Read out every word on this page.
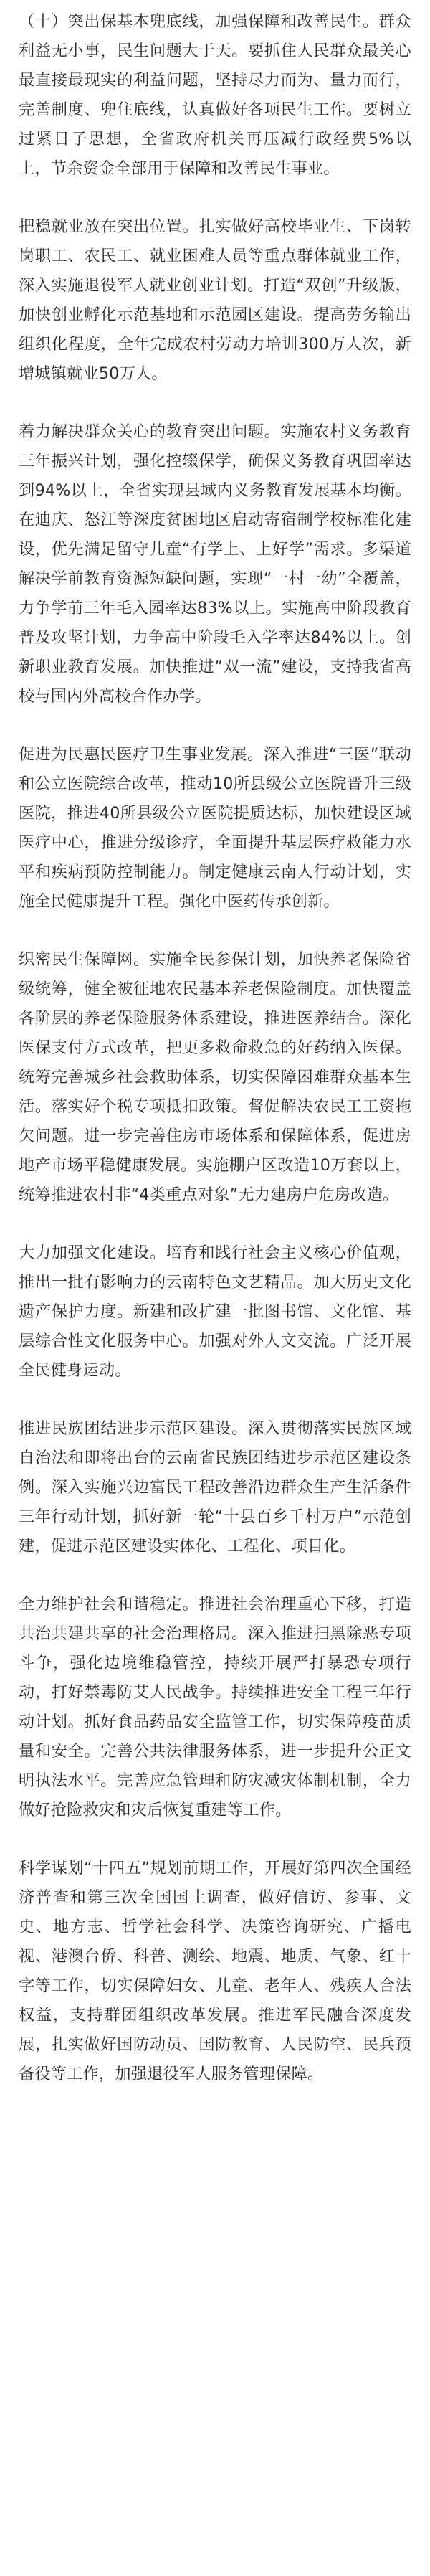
（十）突出保基本兜底线，加强保障和改善民生。群众利益无小事，民生问题大于天。要抓住人民群众最关心最直接最现实的利益问题，坚持尽力而为、量力而行，完善制度、兜住底线，认真做好各项民生工作。要树立过紧日子思想，全省政府机关再压减行政经费5%以上，节余资金全部用于保障和改善民生事业。

把稳就业放在突出位置。扎实做好高校毕业生、下岗转岗职工、农民工、就业困难人员等重点群体就业工作，深入实施退役军人就业创业计划。打造“双创”升级版，加快创业孵化示范基地和示范园区建设。提高劳务输出组织化程度，全年完成农村劳动力培训300万人次，新增城镇就业50万人。

着力解决群众关心的教育突出问题。实施农村义务教育三年振兴计划，强化控辍保学，确保义务教育巩固率达到94%以上，全省实现县域内义务教育发展基本均衡。在迪庆、怒江等深度贫困地区启动寄宿制学校标准化建设，优先满足留守儿童“有学上、上好学”需求。多渠道解决学前教育资源短缺问题，实现“一村一幼”全覆盖，力争学前三年毛入园率达83%以上。实施高中阶段教育普及攻坚计划，力争高中阶段毛入学率达84%以上。创新职业教育发展。加快推进“双一流”建设，支持我省高校与国内外高校合作办学。

促进为民惠民医疗卫生事业发展。深入推进“三医”联动和公立医院综合改革，推动10所县级公立医院晋升三级医院，推进40所县级公立医院提质达标，加快建设区域医疗中心，推进分级诊疗，全面提升基层医疗救能力水平和疾病预防控制能力。制定健康云南人行动计划，实施全民健康提升工程。强化中医药传承创新。

织密民生保障网。实施全民参保计划，加快养老保险省级统筹，健全被征地农民基本养老保险制度。加快覆盖各阶层的养老保险服务体系建设，推进医养结合。深化医保支付方式改革，把更多救命救急的好药纳入医保。统筹完善城乡社会救助体系，切实保障困难群众基本生活。落实好个税专项抵扣政策。督促解决农民工工资拖欠问题。进一步完善住房市场体系和保障体系，促进房地产市场平稳健康发展。实施棚户区改造10万套以上，统筹推进农村非“4类重点对象”无力建房户危房改造。

大力加强文化建设。培育和践行社会主义核心价值观，推出一批有影响力的云南特色文艺精品。加大历史文化遗产保护力度。新建和改扩建一批图书馆、文化馆、基层综合性文化服务中心。加强对外人文交流。广泛开展全民健身运动。

推进民族团结进步示范区建设。深入贯彻落实民族区域自治法和即将出台的云南省民族团结进步示范区建设条例。深入实施兴边富民工程改善沿边群众生产生活条件三年行动计划，抓好新一轮“十县百乡千村万户”示范创建，促进示范区建设实体化、工程化、项目化。

全力维护社会和谐稳定。推进社会治理重心下移，打造共治共建共享的社会治理格局。深入推进扫黑除恶专项斗争，强化边境维稳管控，持续开展严打暴恐专项行动，打好禁毒防艾人民战争。持续推进安全工程三年行动计划。抓好食品药品安全监管工作，切实保障疫苗质量和安全。完善公共法律服务体系，进一步提升公正文明执法水平。完善应急管理和防灾减灾体制机制，全力做好抢险救灾和灾后恢复重建等工作。

科学谋划“十四五”规划前期工作，开展好第四次全国经济普查和第三次全国国土调查，做好信访、参事、文史、地方志、哲学社会科学、决策咨询研究、广播电视、港澳台侨、科普、测绘、地震、地质、气象、红十字等工作，切实保障妇女、儿童、老年人、残疾人合法权益，支持群团组织改革发展。推进军民融合深度发展，扎实做好国防动员、国防教育、人民防空、民兵预备役等工作，加强退役军人服务管理保障。
